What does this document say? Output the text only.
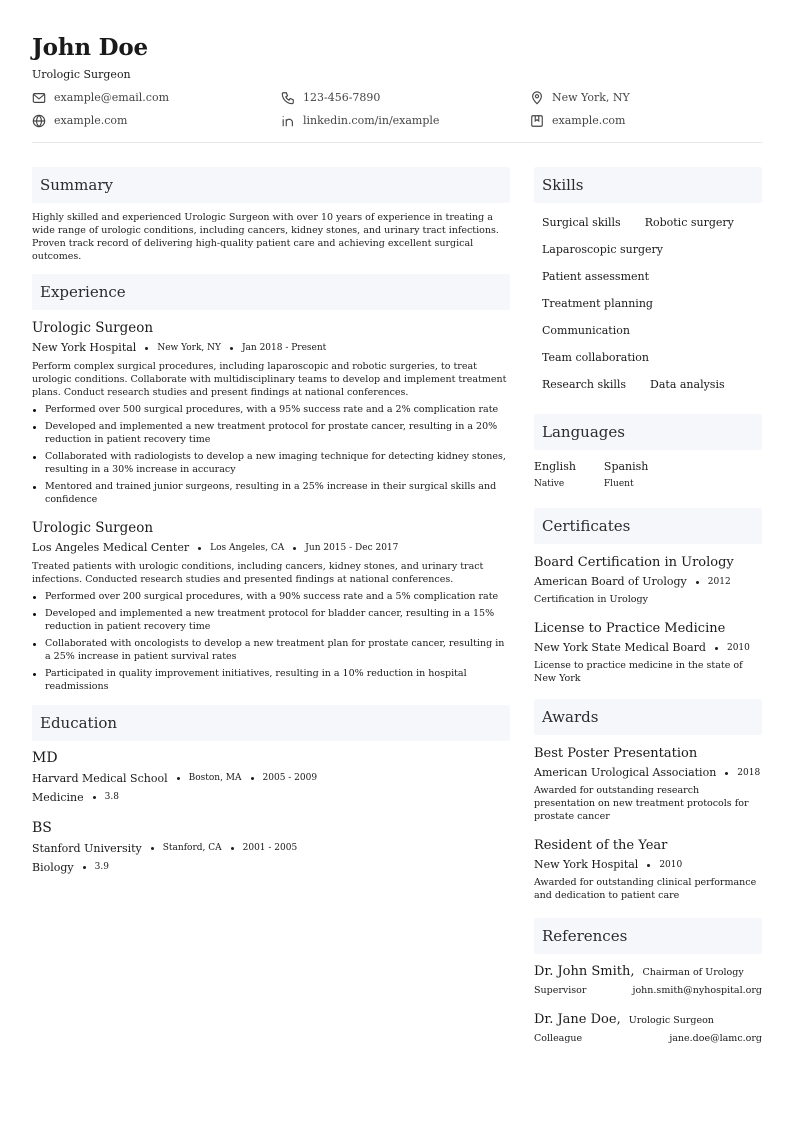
John Doe
Urologic Surgeon
example@email.com	123-456-7890	New York, NY
example.com	linkedin.com/in/example	example.com
Summary
Highly skilled and experienced Urologic Surgeon with over 10 years of experience in treating a wide range of urologic conditions, including cancers, kidney stones, and urinary tract infections. Proven track record of delivering high-quality patient care and achieving excellent surgical outcomes.
Experience
Urologic Surgeon
New York Hospital New York, NY Jan 2018 - Present
Perform complex surgical procedures, including laparoscopic and robotic surgeries, to treat urologic conditions. Collaborate with multidisciplinary teams to develop and implement treatment plans. Conduct research studies and present findings at national conferences.
Performed over 500 surgical procedures, with a 95% success rate and a 2% complication rate
Developed and implemented a new treatment protocol for prostate cancer, resulting in a 20% reduction in patient recovery time
Collaborated with radiologists to develop a new imaging technique for detecting kidney stones, resulting in a 30% increase in accuracy
Mentored and trained junior surgeons, resulting in a 25% increase in their surgical skills and confidence
Urologic Surgeon
Los Angeles Medical Center Los Angeles, CA Jun 2015 - Dec 2017
Treated patients with urologic conditions, including cancers, kidney stones, and urinary tract infections. Conducted research studies and presented findings at national conferences.
Performed over 200 surgical procedures, with a 90% success rate and a 5% complication rate
Developed and implemented a new treatment protocol for bladder cancer, resulting in a 15% reduction in patient recovery time
Collaborated with oncologists to develop a new treatment plan for prostate cancer, resulting in a 25% increase in patient survival rates
Participated in quality improvement initiatives, resulting in a 10% reduction in hospital readmissions
Education
MD
Harvard Medical School Boston, MA 2005 - 2009
Medicine 3.8
BS
Stanford University Stanford, CA 2001 - 2005
Biology 3.9
Skills
Surgical skills	Robotic surgery
Laparoscopic surgery
Patient assessment
Treatment planning
Communication
Team collaboration
Research skills	Data analysis
Languages
English
Native
Spanish
Fluent
Certificates
Board Certification in Urology
American Board of Urology 2012
Certification in Urology
License to Practice Medicine
New York State Medical Board 2010
License to practice medicine in the state of New York
Awards
Best Poster Presentation
American Urological Association 2018
Awarded for outstanding research presentation on new treatment protocols for prostate cancer
Resident of the Year
New York Hospital 2010
Awarded for outstanding clinical performance and dedication to patient care
References
Dr. John Smith, Chairman of Urology
Supervisor	john.smith@nyhospital.org
Dr. Jane Doe, Urologic Surgeon
Colleague	jane.doe@lamc.org
